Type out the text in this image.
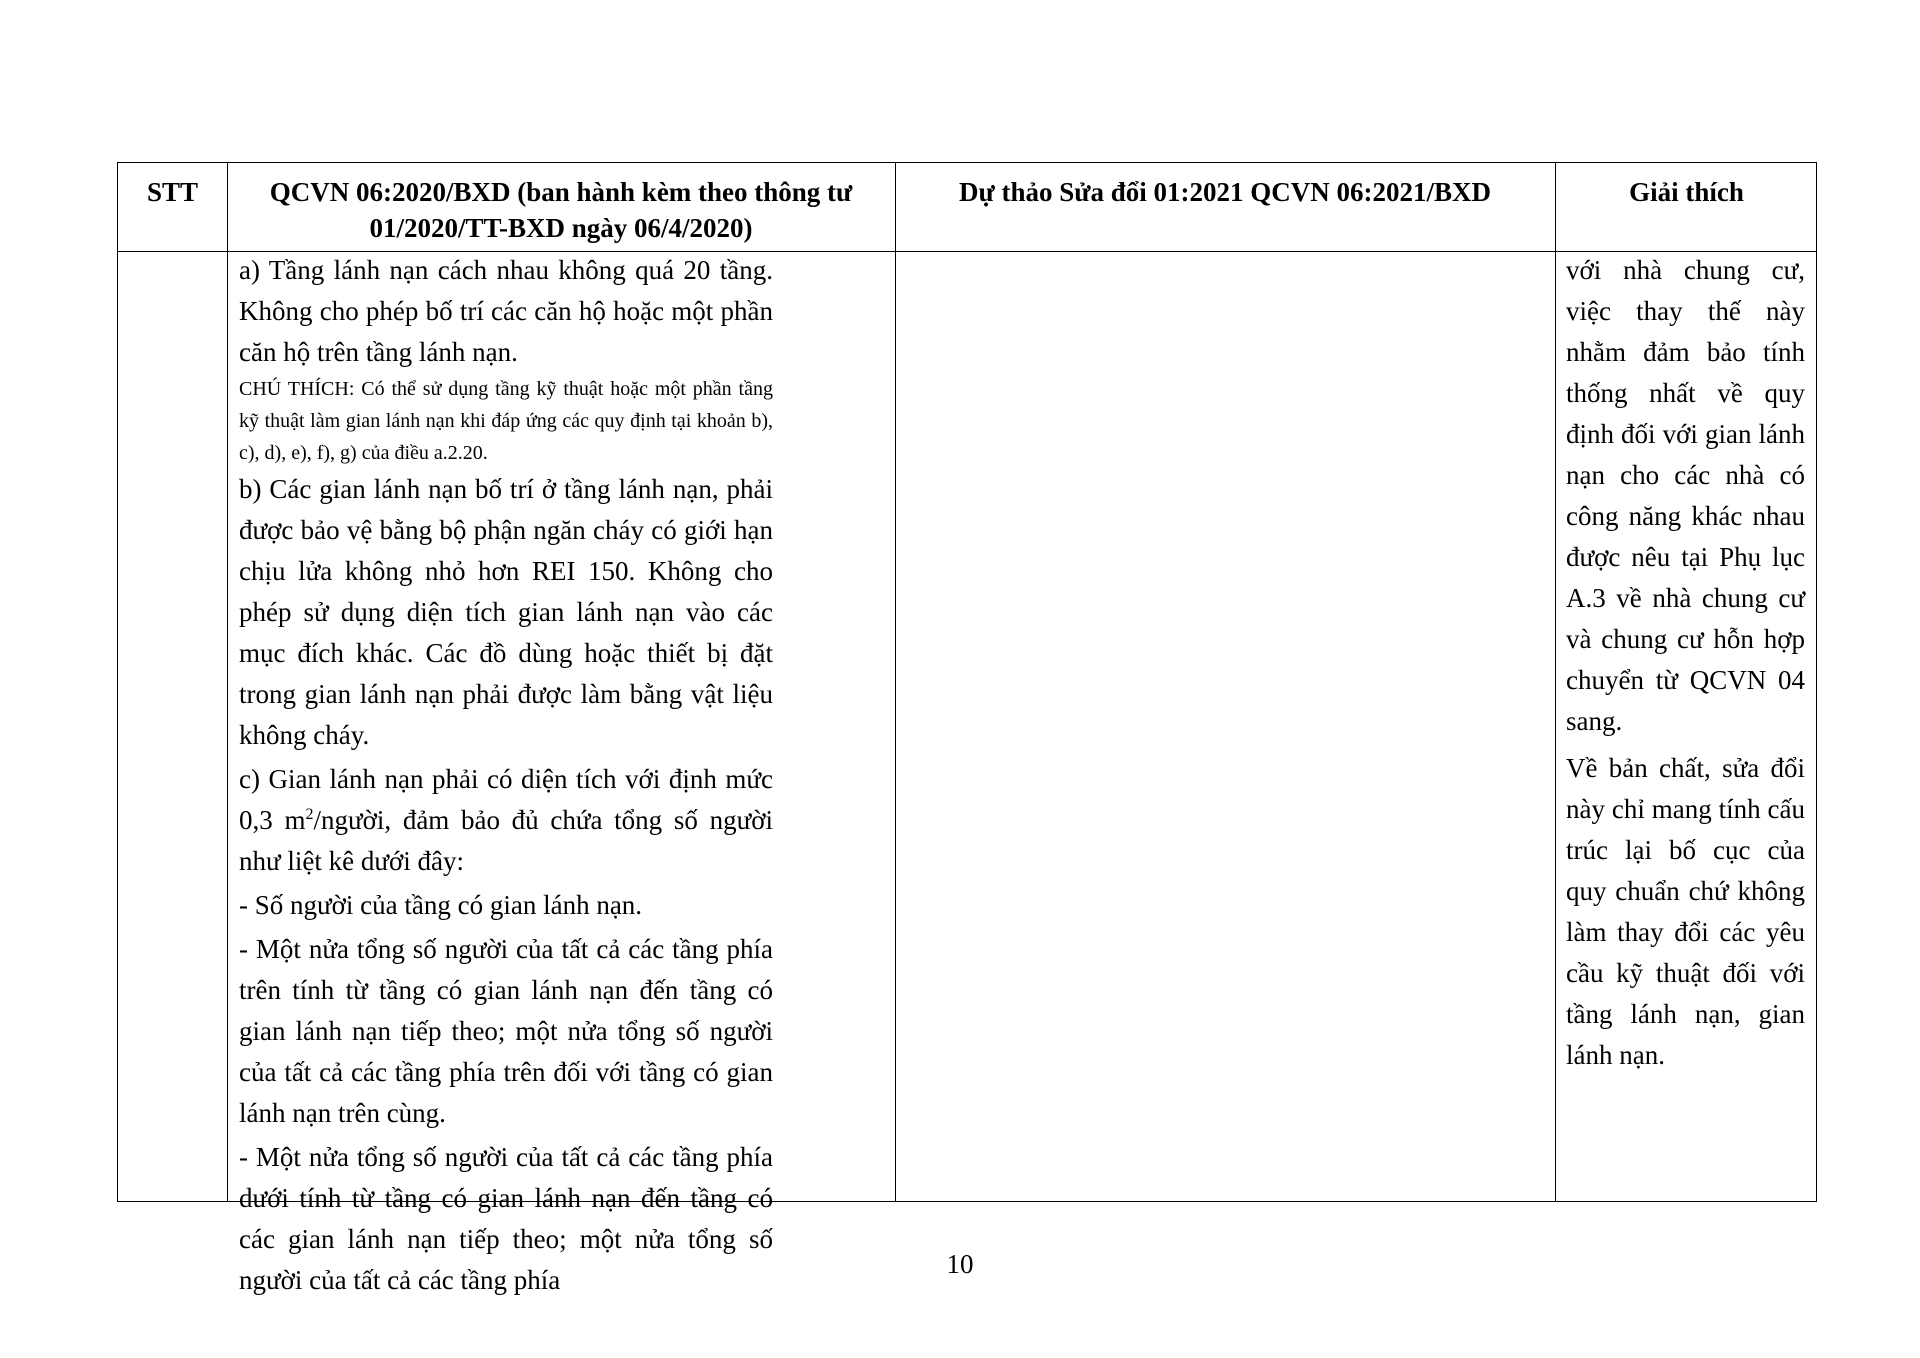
STT	QCVN 06:2020/BXD (ban hành kèm theo thông tư 01/2020/TT-BXD ngày 06/4/2020)
Dự thảo Sửa đổi 01:2021 QCVN 06:2021/BXD	Giải thích

a) Tầng lánh nạn cách nhau không quá 20 tầng. Không cho phép bố trí các căn hộ hoặc một phần căn hộ trên tầng lánh nạn.

CHÚ THÍCH: Có thể sử dụng tầng kỹ thuật hoặc một phần tầng kỹ thuật làm gian lánh nạn khi đáp ứng các quy định tại khoản b), c), d), e), f), g) của điều a.2.20.

b) Các gian lánh nạn bố trí ở tầng lánh nạn, phải được bảo vệ bằng bộ phận ngăn cháy có giới hạn chịu lửa không nhỏ hơn REI 150. Không cho phép sử dụng diện tích gian lánh nạn vào các mục đích khác. Các đồ dùng hoặc thiết bị đặt trong gian lánh nạn phải được làm bằng vật liệu không cháy.

c) Gian lánh nạn phải có diện tích với định mức 0,3 $m^2$/người, đảm bảo đủ chứa tổng số người như liệt kê dưới đây:

- Số người của tầng có gian lánh nạn.

- Một nửa tổng số người của tất cả các tầng phía trên tính từ tầng có gian lánh nạn đến tầng có gian lánh nạn tiếp theo; một nửa tổng số người của tất cả các tầng phía trên đối với tầng có gian lánh nạn trên cùng.

- Một nửa tổng số người của tất cả các tầng phía dưới tính từ tầng có gian lánh nạn đến tầng có các gian lánh nạn tiếp theo; một nửa tổng số người của tất cả các tầng phía

với nhà chung cư, việc thay thế này nhằm đảm bảo tính thống nhất về quy định đối với gian lánh nạn cho các nhà có công năng khác nhau được nêu tại Phụ lục A.3 về nhà chung cư và chung cư hỗn hợp chuyển từ QCVN 04 sang.

Về bản chất, sửa đổi này chỉ mang tính cấu trúc lại bố cục của quy chuẩn chứ không làm thay đổi các yêu cầu kỹ thuật đối với tầng lánh nạn, gian lánh nạn.

10
